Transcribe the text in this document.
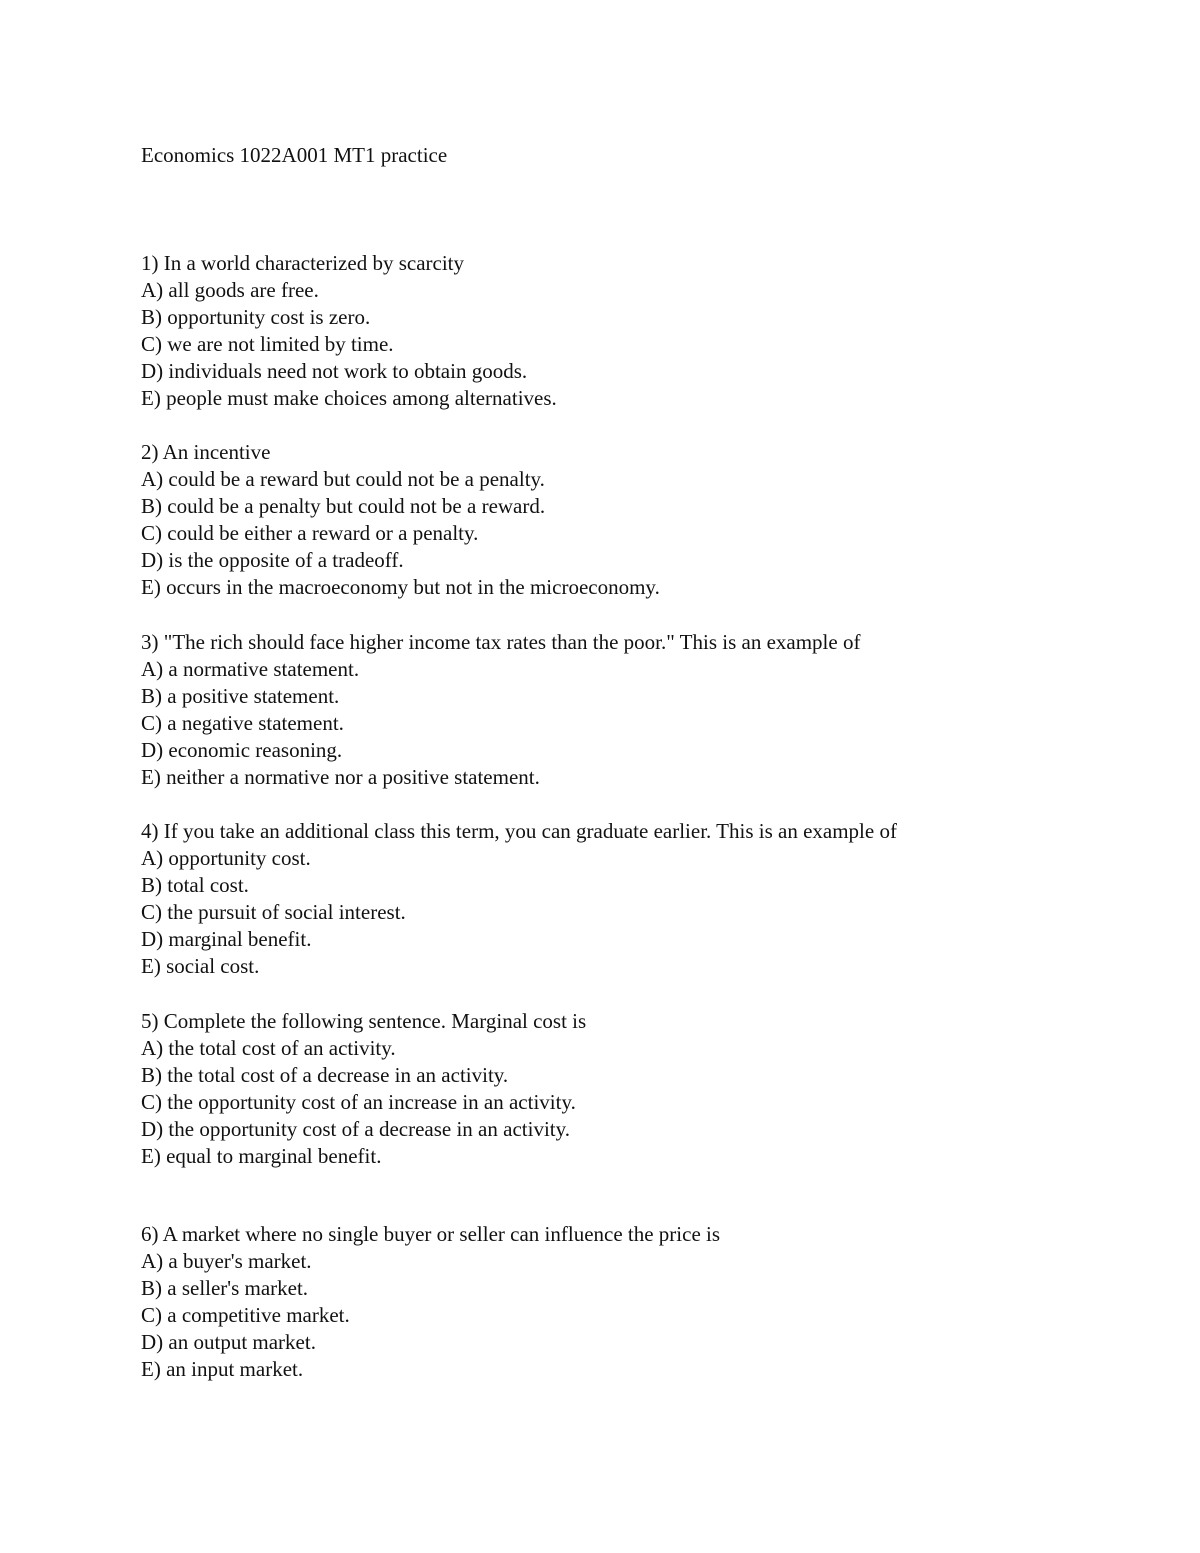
Economics 1022A001 MT1 practice
1) In a world characterized by scarcity
A) all goods are free.
B) opportunity cost is zero.
C) we are not limited by time.
D) individuals need not work to obtain goods.
E) people must make choices among alternatives.
2) An incentive
A) could be a reward but could not be a penalty.
B) could be a penalty but could not be a reward.
C) could be either a reward or a penalty.
D) is the opposite of a tradeoff.
E) occurs in the macroeconomy but not in the microeconomy.
3) "The rich should face higher income tax rates than the poor." This is an example of
A) a normative statement.
B) a positive statement.
C) a negative statement.
D) economic reasoning.
E) neither a normative nor a positive statement.
4) If you take an additional class this term, you can graduate earlier. This is an example of
A) opportunity cost.
B) total cost.
C) the pursuit of social interest.
D) marginal benefit.
E) social cost.
5) Complete the following sentence. Marginal cost is
A) the total cost of an activity.
B) the total cost of a decrease in an activity.
C) the opportunity cost of an increase in an activity.
D) the opportunity cost of a decrease in an activity.
E) equal to marginal benefit.
6) A market where no single buyer or seller can influence the price is
A) a buyer's market.
B) a seller's market.
C) a competitive market.
D) an output market.
E) an input market.
